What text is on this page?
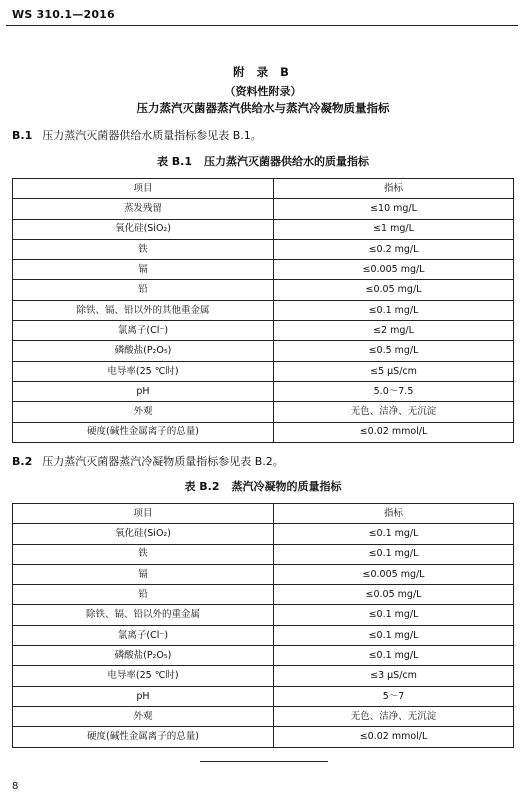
WS 310.1—2016
附 录 B
（资料性附录）
压力蒸汽灭菌器蒸汽供给水与蒸汽冷凝物质量指标
B.1 压力蒸汽灭菌器供给水质量指标参见表 B.1。
表 B.1 压力蒸汽灭菌器供给水的质量指标
项目	指标
蒸发残留	≤10 mg/L
氧化硅(SiO₂)	≤1 mg/L
铁	≤0.2 mg/L
镉	≤0.005 mg/L
铅	≤0.05 mg/L
除铁、镉、铅以外的其他重金属	≤0.1 mg/L
氯离子(Cl⁻)	≤2 mg/L
磷酸盐(P₂O₅)	≤0.5 mg/L
电导率(25 ℃时)	≤5 μS/cm
pH	5.0～7.5
外观	无色、洁净、无沉淀
硬度(碱性金属离子的总量)	≤0.02 mmol/L
B.2 压力蒸汽灭菌器蒸汽冷凝物质量指标参见表 B.2。
表 B.2 蒸汽冷凝物的质量指标
项目	指标
氧化硅(SiO₂)	≤0.1 mg/L
铁	≤0.1 mg/L
镉	≤0.005 mg/L
铅	≤0.05 mg/L
除铁、镉、铅以外的重金属	≤0.1 mg/L
氯离子(Cl⁻)	≤0.1 mg/L
磷酸盐(P₂O₅)	≤0.1 mg/L
电导率(25 ℃时)	≤3 μS/cm
pH	5～7
外观	无色、洁净、无沉淀
硬度(碱性金属离子的总量)	≤0.02 mmol/L
8
